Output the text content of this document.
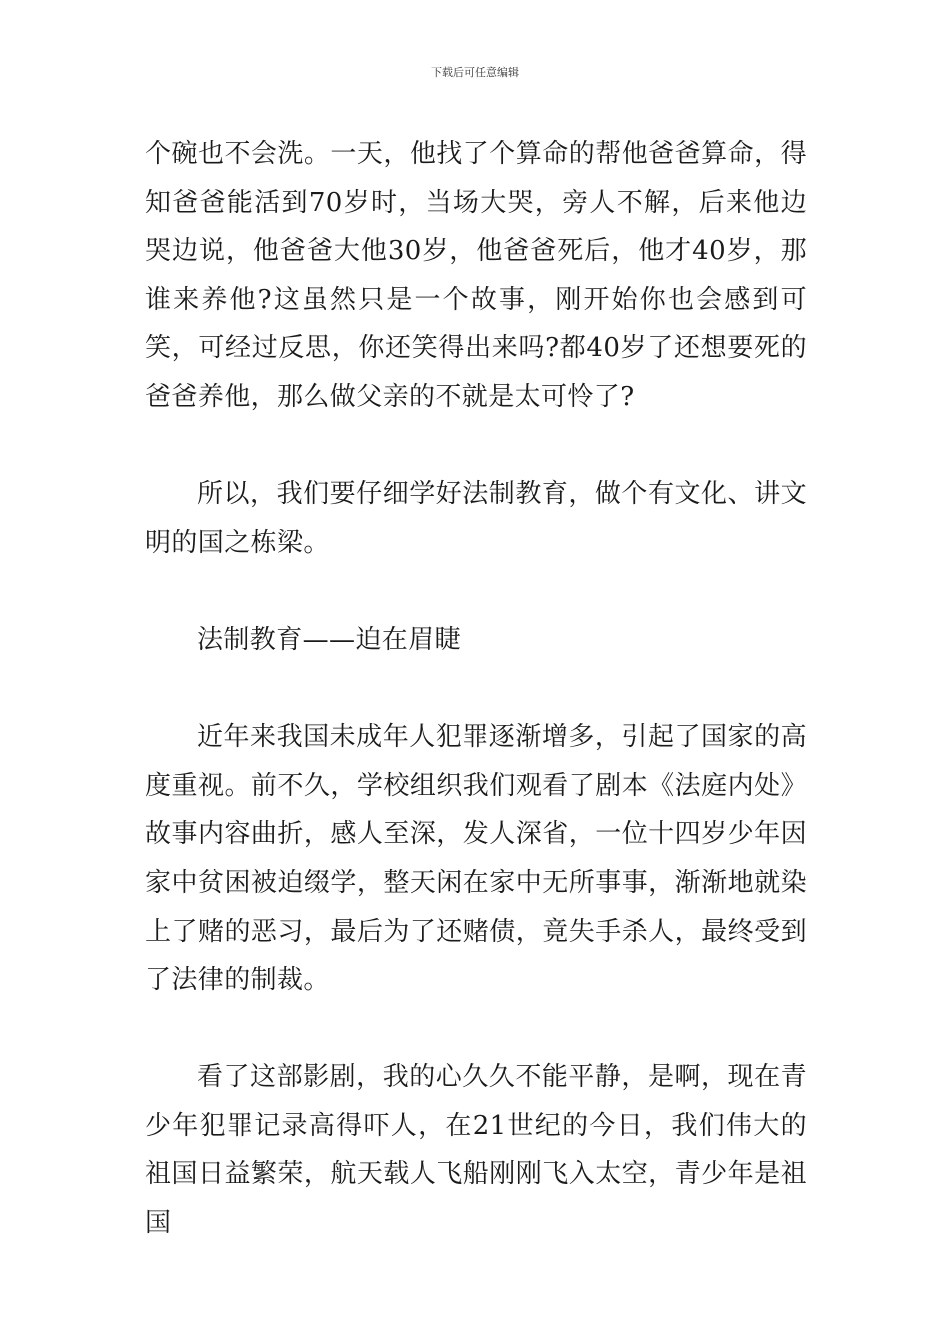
下载后可任意编辑

个碗也不会洗。一天，他找了个算命的帮他爸爸算命，得知爸爸能活到70岁时，当场大哭，旁人不解，后来他边哭边说，他爸爸大他30岁，他爸爸死后，他才40岁，那谁来养他?这虽然只是一个故事，刚开始你也会感到可笑，可经过反思，你还笑得出来吗?都40岁了还想要死的爸爸养他，那么做父亲的不就是太可怜了?

所以，我们要仔细学好法制教育，做个有文化、讲文明的国之栋梁。

法制教育——迫在眉睫

近年来我国未成年人犯罪逐渐增多，引起了国家的高度重视。前不久，学校组织我们观看了剧本《法庭内处》故事内容曲折，感人至深，发人深省，一位十四岁少年因家中贫困被迫缀学，整天闲在家中无所事事，渐渐地就染上了赌的恶习，最后为了还赌债，竟失手杀人，最终受到了法律的制裁。

看了这部影剧，我的心久久不能平静，是啊，现在青少年犯罪记录高得吓人，在21世纪的今日，我们伟大的祖国日益繁荣，航天载人飞船刚刚飞入太空，青少年是祖国
